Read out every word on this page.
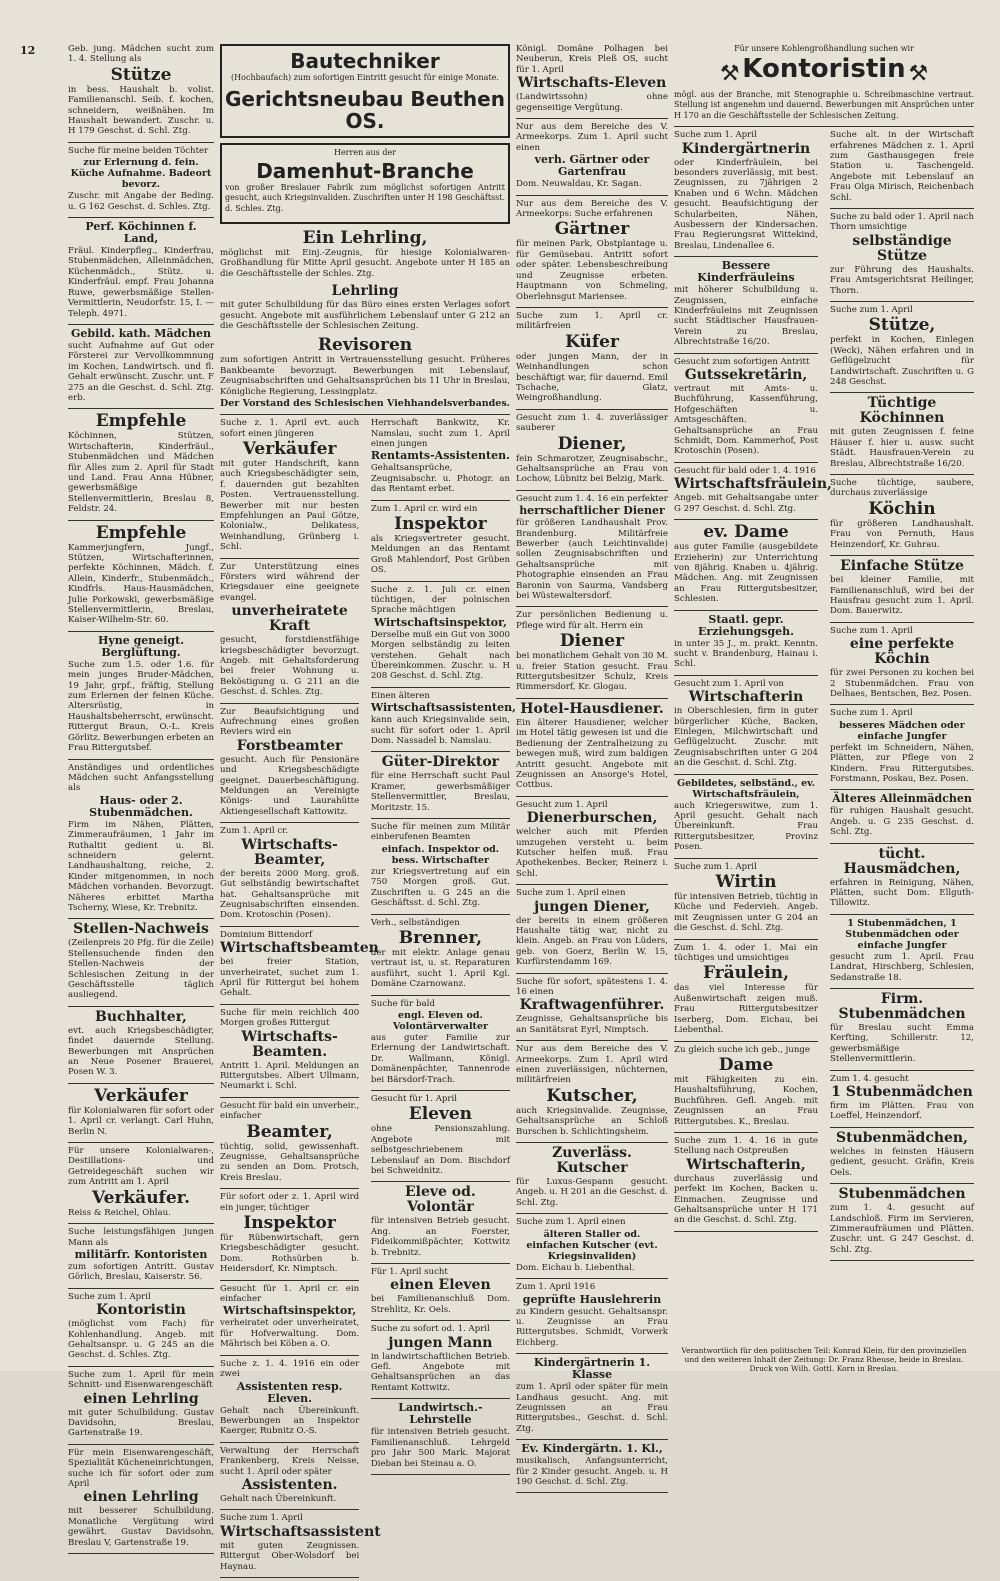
12	Geb. jung. Mädchen sucht zum 1. 4. Stellung als
Stütze
in bess. Haushalt b. volist. Familienanschl. Seib. f. kochen, schneidern, weißnähen. Im Haushalt bewandert. Zuschr. u. H 179 Geschst. d. Schl. Ztg.
Suche für meine beiden Töchter
zur Erlernung d. fein. Küche Aufnahme. Badeort bevorz.
Zuschr. mit Angabe der Beding. u. G 162 Geschst. d. Schles. Ztg.
Perf. Köchinnen f. Land,
Fräul. Kinderpfleg., Kinderfrau, Stubenmädchen, Alleinmädchen, Küchenmädch., Stütz. u. Kinderfräul. empf. Frau Johanna Ruwe, gewerbsmäßige Stellen-Vermittlerin, Neudorfstr. 15, I. — Teleph. 4971.
Gebild. kath. Mädchen
sucht Aufnahme auf Gut oder Försterei zur Vervollkommnung im Kochen, Landwirtsch. und fl. Gehalt erwünscht. Zuschr. unt. F 275 an die Geschst. d. Schl. Ztg. erb.
Empfehle
Köchinnen, Stützen, Wirtschafterin, Kinderfräul., Stubenmädchen und Mädchen für Alles zum 2. April für Stadt und Land. Frau Anna Hübner, gewerbsmäßige Stellenvermittlerin, Breslau 8, Feldstr. 24.
Empfehle
Kammerjungfern, Jungf., Stützen, Wirtschafterinnen, perfekte Köchinnen, Mädch. f. Allein, Kinderfr., Stubenmädch., Kindfrls. Haus-Hausmädchen, Julie Porkowski, gewerbsmäßige Stellenvermittlerin, Breslau, Kaiser-Wilhelm-Str. 60.
Hyne geneigt. Berglüftung.
Suche zum 1.5. oder 1.6. für mein junges Bruder-Mädchen, 19 Jahr, grpf., fräftig, Stellung zum Erlernen der feinen Küche. Altersrüstig, in Haushaltsbeherrscht, erwünscht. Rittergut Braun, O.-L. Kreis Görlitz. Bewerbungen erbeten an Frau Rittergutsbef.
Anständiges und ordentliches Mädchen sucht Anfangsstellung als
Haus- oder 2. Stubenmädchen.
Firm im Nähen, Plätten, Zimmeraufräumen, 1 Jahr im Ruthaltit gedient u. Bl. schneidern gelernt. Landhaushaltung, reiche, 2. Kinder mitgenommen, in noch Mädchen vorhanden. Bevorzugt. Näheres erbittet Martha Tscherny, Wiese, Kr. Trebnitz.
Stellen-Nachweis
(Zeilenpreis 20 Pfg. für die Zeile) Stellensuchende finden den Stellen-Nachweis der Schlesischen Zeitung in der Geschäftsstelle täglich ausliegend.
Buchhalter,
evt. auch Kriegsbeschädigter, findet dauernde Stellung. Bewerbungen mit Ansprüchen an Neue Posener Brauerei, Posen W. 3.
Verkäufer
für Kolonialwaren für sofort oder 1. April cr. verlangt. Carl Huhn, Berlin N.
Für unsere Kolonialwaren-, Destillations- und Getreidegeschäft suchen wir zum Antritt am 1. April
Verkäufer.
Reiss & Reichel, Ohlau.
Suche leistungsfähigen jungen Mann als
militärfr. Kontoristen
zum sofortigen Antritt. Gustav Görlich, Breslau, Kaiserstr. 56.
Suche zum 1. April
Kontoristin
(möglichst vom Fach) für Kohlenhandlung. Angeb. mit Gehaltsanspr. u. G 245 an die Geschst. d. Schles. Ztg.
Suche zum 1. April für mein Schnitt- und Eisenwarengeschäft
einen Lehrling
mit guter Schulbildung. Gustav Davidsohn, Breslau, Gartenstraße 19.
Für mein Eisenwarengeschäft, Spezialität Kücheneinrichtungen, suche ich für sofort oder zum April
einen Lehrling
mit besserer Schulbildung. Monatliche Vergütung wird gewährt. Gustav Davidsohn, Breslau V, Gartenstraße 19.
Bautechniker
(Hochbaufach) zum sofortigen Eintritt gesucht für einige Monate.
Gerichtsneubau Beuthen OS.
Herren aus der
Damenhut-Branche
von großer Breslauer Fabrik zum möglichst sofortigen Antritt gesucht, auch Kriegsinvaliden. Zuschriften unter H 198 Geschäftsst. d. Schles. Ztg.
Ein Lehrling,
möglichst mit Einj.-Zeugnis, für hiesige Kolonialwaren-Großhandlung für Mitte April gesucht. Angebote unter H 185 an die Geschäftsstelle der Schles. Ztg.
Lehrling
mit guter Schulbildung für das Büro eines ersten Verlages sofort gesucht. Angebote mit ausführlichem Lebenslauf unter G 212 an die Geschäftsstelle der Schlesischen Zeitung.
Revisoren
zum sofortigen Antritt in Vertrauensstellung gesucht. Früheres Bankbeamte bevorzugt. Bewerbungen mit Lebenslauf, Zeugnisabschriften und Gehaltsansprüchen bis 11 Uhr in Breslau, Königliche Regierung, Lessingplatz.
Der Vorstand des Schlesischen Viehhandelsverbandes.
Suche z. 1. April evt. auch sofort einen jüngeren
Verkäufer
mit guter Handschrift, kann auch Kriegsbeschädigter sein, f. dauernden gut bezahlten Posten. Vertrauensstellung. Bewerber mit nur besten Empfehlungen an Paul Götze, Kolonialw., Delikatess, Weinhandlung, Grünberg i. Schl.
Zur Unterstützung eines Försters wird während der Kriegsdauer eine geeignete evangel.
unverheiratete Kraft
gesucht, forstdienstfähige kriegsbeschädigter bevorzugt. Angeb. mit Gehaltsforderung bei freier Wohnung u. Beköstigung u. G 211 an die Geschst. d. Schles. Ztg.
Zur Beaufsichtigung und Aufrechnung eines großen Reviers wird ein
Forstbeamter
gesucht. Auch für Pensionäre und Kriegsbeschädigte geeignet. Dauerbeschäftigung. Meldungen an Vereinigte Königs- und Laurahütte Aktiengesellschaft Kattowitz.
Zum 1. April cr.
Wirtschafts-Beamter,
der bereits 2000 Morg. groß. Gut selbständig bewirtschaftet hat. Gehaltsansprüche mit Zeugnisabschriften einsenden. Dom. Krotoschin (Posen).
Dominium Bittendorf
Wirtschaftsbeamten
bei freier Station, unverheiratet, suchet zum 1. April für Rittergut bei hohem Gehalt.
Suche für mein reichlich 400 Morgen großes Rittergut
Wirtschafts-Beamten.
Antritt 1. April. Meldungen an Rittergutsbes. Albert Ullmann, Neumarkt i. Schl.
Gesucht für bald ein unverheir., einfacher
Beamter,
tüchtig, solid, gewissenhaft. Zeugnisse, Gehaltsansprüche zu senden an Dom. Protsch, Kreis Breslau.
Für sofort oder z. 1. April wird ein junger, tüchtiger
Inspektor
für Rübenwirtschaft, gern Kriegsbeschädigter gesucht. Dom. Rothsürben b. Heidersdorf, Kr. Nimptsch.
Gesucht für 1. April cr. ein einfacher
Wirtschaftsinspektor,
verheiratet oder unverheiratet, für Hofverwaltung. Dom. Mährisch bei Köben a. O.
Suche z. 1. 4. 1916 ein oder zwei
Assistenten resp. Eleven.
Gehalt nach Übereinkunft. Bewerbungen an Inspektor Kaerger, Rubnitz O.-S.
Verwaltung der Herrschaft Frankenberg, Kreis Neisse, sucht 1. April oder später
Assistenten.
Gehalt nach Übereinkunft.
Suche zum 1. April
Wirtschaftsassistent
mit guten Zeugnissen. Rittergut Ober-Wolsdorf bei Haynau.
Herrschaft Bankwitz, Kr. Namslau, sucht zum 1. April einen jungen
Rentamts-Assistenten.
Gehaltsansprüche, Zeugnisabschr. u. Photogr. an das Rentamt erbet.
Zum 1. April cr. wird ein
Inspektor
als Kriegsvertreter gesucht. Meldungen an das Rentamt Groß Mahlendorf, Post Grüben OS.
Suche z. 1. Juli cr. einen tüchtigen, der polnischen Sprache mächtigen
Wirtschaftsinspektor,
Derselbe muß ein Gut von 3000 Morgen selbständig zu leiten verstehen. Gehalt nach Übereinkommen. Zuschr. u. H 208 Geschst. d. Schl. Ztg.
Einen älteren
Wirtschaftsassistenten,
kann auch Kriegsinvalide sein, sucht für sofort oder 1. April Dom. Nassadel b. Namslau.
Güter-Direktor
für eine Herrschaft sucht Paul Kramer, gewerbsmäßiger Stellenvermittler, Breslau, Moritzstr. 15.
Suche für meinen zum Militär einberufenen Beamten
einfach. Inspektor od. bess. Wirtschafter
zur Kriegsvertretung auf ein 750 Morgen groß. Gut. Zuschriften u. G 245 an die Geschäftsst. d. Schl. Ztg.
Verh., selbständigen
Brenner,
der mit elektr. Anlage genau vertraut ist, u. st. Reparaturen ausführt, sucht 1. April Kgl. Domäne Czarnowanz.
Suche für bald
engl. Eleven od. Volontärverwalter
aus guter Familie zur Erlernung der Landwirtschaft. Dr. Wallmann, Königl. Domänenpächter, Tannenrode bei Bärsdorf-Trach.
Gesucht für 1. April
Eleven
ohne Pensionszahlung. Angebote mit selbstgeschriebenem Lebenslauf an Dom. Bischdorf bei Schweidnitz.
Eleve od. Volontär
für intensiven Betrieb gesucht. Ang. an Foerster, Fideikommißpächter, Kottwitz b. Trebnitz.
Für 1. April sucht
einen Eleven
bei Familienanschluß Dom. Strehlitz, Kr. Oels.
Suche zu sofort od. 1. April
jungen Mann
in landwirtschaftlichen Betrieb. Gefl. Angebote mit Gehaltsansprüchen an das Rentamt Kottwitz.
Landwirtsch.-Lehrstelle
für intensiven Betrieb gesucht. Familienanschluß. Lehrgeld pro Jahr 500 Mark. Majorat Dieban bei Steinau a. O.
Königl. Domäne Polhagen bei Neuberun, Kreis Pleß OS, sucht für 1. April
Wirtschafts-Eleven
(Landwirtssohn) ohne gegenseitige Vergütung.
Nur aus dem Bereiche des V. Armeekorps. Zum 1. April sucht einen
verh. Gärtner oder Gartenfrau
Dom. Neuwaldau, Kr. Sagan.
Nur aus dem Bereiche des V. Armeekorps: Suche erfahrenen
Gärtner
für meinen Park, Obstplantage u. für Gemüsebau. Antritt sofort oder später. Lebensbeschreibung und Zeugnisse erbeten. Hauptmann von Schmeling, Oberlehnsgut Mariensee.
Suche zum 1. April cr. militärfreien
Küfer
oder jungen Mann, der in Weinhandlungen schon beschäftigt war, für dauernd. Emil Tschache, Glatz, Weingroßhandlung.
Gesucht zum 1. 4. zuverlässiger sauberer
Diener,
fein Schmarotzer, Zeugnisabschr., Gehaltsansprüche an Frau von Lochow, Lübnitz bei Belzig, Mark.
Gesucht zum 1. 4. 16 ein perfekter
herrschaftlicher Diener
für größeren Landhaushalt Prov. Brandenburg. Militärfreie Bewerber (auch Leichtinvalide) sollen Zeugnisabschriften und Gehaltsansprüche mit Photographie einsenden an Frau Baronin von Saurma, Vandsberg bei Wüstewaltersdorf.
Zur persönlichen Bedienung u. Pflege wird für alt. Herrn ein
Diener
bei monatlichem Gehalt von 30 M. u. freier Station gesucht. Frau Rittergutsbesitzer Schulz, Kreis Rimmersdorf, Kr. Glogau.
Hotel-Hausdiener.
Ein älterer Hausdiener, welcher im Hotel tätig gewesen ist und die Bedienung der Zentralheizung zu bewegen muß, wird zum baldigen Antritt gesucht. Angebote mit Zeugnissen an Ansorge's Hotel, Cottbus.
Gesucht zum 1. April
Dienerburschen,
welcher auch mit Pferden umzugehen versteht u. beim Kutscher helfen muß. Frau Apothekenbes. Becker, Reinerz i. Schl.
Suche zum 1. April einen
jungen Diener,
der bereits in einem größeren Haushalte tätig war, nicht zu klein. Angeb. an Frau von Lüders, geb. von Goerz, Berlin W. 15, Kurfürstendamm 169.
Suche für sofort, spätestens 1. 4. 16 einen
Kraftwagenführer.
Zeugnisse, Gehaltsansprüche bis an Sanitätsrat Eyrl, Nimptsch.
Nur aus dem Bereiche des V. Armeekorps. Zum 1. April wird einen zuverlässigen, nüchternen, militärfreien
Kutscher,
auch Kriegsinvalide. Zeugnisse, Gehaltsansprüche an Schloß Burschen b. Schlichtingsheim.
Zuverläss. Kutscher
für Luxus-Gespann gesucht. Angeb. u. H 201 an die Geschst. d. Schl. Ztg.
Suche zum 1. April einen
älteren Staller od. einfachen Kutscher (evt. Kriegsinvaliden)
Dom. Eichau b. Liebenthal.
Zum 1. April 1916
geprüfte Hauslehrerin
zu Kindern gesucht. Gehaltsanspr. u. Zeugnisse an Frau Rittergutsbes. Schmidt, Vorwerk Eichberg.
Kindergärtnerin 1. Klasse
zum 1. April oder später für mein Landhaus gesucht. Ang. mit Zeugnissen an Frau Rittergutsbes., Geschst. d. Schl. Ztg.
Ev. Kindergärtn. 1. Kl.,
musikalisch, Anfangsunterricht, für 2 Kinder gesucht. Angeb. u. H 190 Geschst. d. Schl. Ztg.
Für unsere Kohlengroßhandlung suchen wir
⚒ Kontoristin ⚒
mögl. aus der Branche, mit Stenographie u. Schreibmaschine vertraut. Stellung ist angenehm und dauernd. Bewerbungen mit Ansprüchen unter H 170 an die Geschäftsstelle der Schlesischen Zeitung.
Suche zum 1. April
Kindergärtnerin
oder Kinderfräulein, bei besonders zuverlässig, mit best. Zeugnissen, zu 7jährigen 2 Knaben und 6 Wchn. Mädchen gesucht. Beaufsichtigung der Schularbeiten, Nähen, Ausbessern der Kindersachen. Frau Regierungsrat Wittekind, Breslau, Lindenallee 6.
Bessere Kinderfräuleins
mit höherer Schulbildung u. Zeugnissen, einfache Kinderfräuleins mit Zeugnissen sucht Städtischer Hausfrauen-Verein zu Breslau, Albrechtstraße 16/20.
Gesucht zum sofortigen Antritt
Gutssekretärin,
vertraut mit Amts- u. Buchführung, Kassenführung, Hofgeschäften u. Amtsgeschäften. Gehaltsansprüche an Frau Schmidt, Dom. Kammerhof, Post Krotoschin (Posen).
Gesucht für bald oder 1. 4. 1916
Wirtschaftsfräulein,
Angeb. mit Gehaltsangabe unter G 297 Geschst. d. Schl. Ztg.
ev. Dame
aus guter Familie (ausgebildete Erzieherin) zur Unterrichtung von 8jährig. Knaben u. 4jährig. Mädchen. Ang. mit Zeugnissen an Frau Rittergutsbesitzer, Schlesien.
Staatl. gepr. Erziehungsgeh.
in unter 35 J., m. prakt. Kenntn. sucht v. Brandenburg, Hainau i. Schl.
Gesucht zum 1. April von
Wirtschafterin
in Oberschlesien, firm in guter bürgerlicher Küche, Backen, Einlegen, Milchwirtschaft und Geflügelzucht. Zuschr. mit Zeugnisabschriften unter G 204 an die Geschst. d. Schl. Ztg.
Gebildetes, selbständ., ev. Wirtschaftsfräulein,
auch Kriegerswitwe, zum 1. April gesucht. Gehalt nach Übereinkunft. Frau Rittergutsbesitzer, Provinz Posen.
Suche zum 1. April
Wirtin
für intensiven Betrieb, tüchtig in Küche und Federvieh. Angeb. mit Zeugnissen unter G 204 an die Geschst. d. Schl. Ztg.
Zum 1. 4. oder 1. Mai ein tüchtiges und umsichtiges
Fräulein,
das viel Interesse für Außenwirtschaft zeigen muß. Frau Rittergutsbesitzer Iserberg, Dom. Eichau, bei Liebenthal.
Zu gleich suche ich geb., junge
Dame
mit Fähigkeiten zu ein. Haushaltsführung, Kochen, Buchführen. Gefl. Angeb. mit Zeugnissen an Frau Rittergutsbes. K., Breslau.
Suche zum 1. 4. 16 in gute Stellung nach Ostpreußen
Wirtschafterin,
durchaus zuverlässig und perfekt im Kochen, Backen u. Einmachen. Zeugnisse und Gehaltsansprüche unter H 171 an die Geschst. d. Schl. Ztg.
Suche alt. in der Wirtschaft erfahrenes Mädchen z. 1. April zum Gasthausgegen freie Station u. Taschengeld. Angebote mit Lebenslauf an Frau Olga Mirisch, Reichenbach Schl.
Suche zu bald oder 1. April nach Thorn umsichtige
selbständige Stütze
zur Führung des Haushalts. Frau Amtsgerichtsrat Heilinger, Thorn.
Suche zum 1. April
Stütze,
perfekt in Kochen, Einlegen (Weck), Nähen erfahren und in Geflügelzucht für Landwirtschaft. Zuschriften u. G 248 Geschst.
Tüchtige Köchinnen
mit guten Zeugnissen f. feine Häuser f. hier u. ausw. sucht Städt. Hausfrauen-Verein zu Breslau, Albrechtstraße 16/20.
Suche tüchtige, saubere, durchaus zuverlässige
Köchin
für größeren Landhaushalt. Frau von Pernuth, Haus Heinzendorf, Kr. Guhrau.
Einfache Stütze
bei kleiner Familie, mit Familienanschluß, wird bei der Hausfrau gesucht zum 1. April. Dom. Bauerwitz.
Suche zum 1. April
eine perfekte Köchin
für zwei Personen zu kochen bei 2 Stubenmädchen. Frau von Delhaes, Bentschen, Bez. Posen.
Suche zum 1. April
besseres Mädchen oder einfache Jungfer
perfekt im Schneidern, Nähen, Plätten, zur Pflege von 2 Kindern. Frau Rittergutsbes. Forstmann, Poskau, Bez. Posen.
Älteres Alleinmädchen
für ruhigen Haushalt gesucht. Angeb. u. G 235 Geschst. d. Schl. Ztg.
tücht. Hausmädchen,
erfahren in Reinigung, Nähen, Plätten, sucht Dom. Ellguth-Tillowitz.
1 Stubenmädchen, 1 Stubenmädchen oder einfache Jungfer
gesucht zum 1. April. Frau Landrat, Hirschberg, Schlesien, Sedanstraße 18.
Firm. Stubenmädchen
für Breslau sucht Emma Kerfting, Schillerstr. 12, gewerbsmäßige Stellenvermittlerin.
Zum 1. 4. gesucht
1 Stubenmädchen
firm im Plätten. Frau von Loeffel, Heinzendorf.
Stubenmädchen,
welches in feinsten Häusern gedient, gesucht. Gräfin, Kreis Oels.
Stubenmädchen
zum 1. 4. gesucht auf Landschloß. Firm im Servieren, Zimmeraufräumen und Plätten. Zuschr. unt. G 247 Geschst. d. Schl. Ztg.
Verantwortlich für den politischen Teil: Konrad Klein, für den provinziellen und den weiteren Inhalt der Zeitung: Dr. Franz Rheuse, beide in Breslau. Druck von Wilh. Gottl. Korn in Breslau.
